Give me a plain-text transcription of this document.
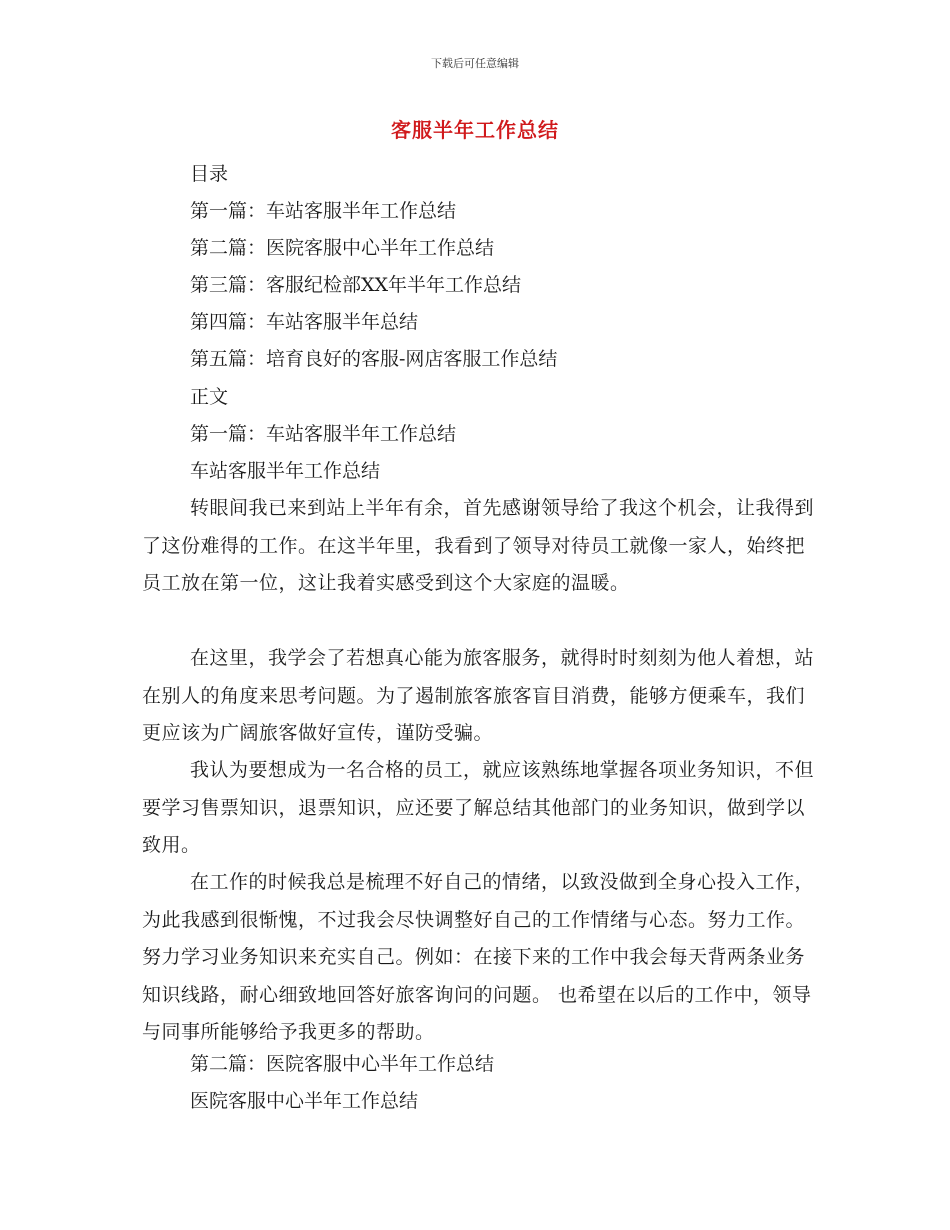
下载后可任意编辑
客服半年工作总结
目录
第一篇：车站客服半年工作总结
第二篇：医院客服中心半年工作总结
第三篇：客服纪检部XX年半年工作总结
第四篇：车站客服半年总结
第五篇：培育良好的客服-网店客服工作总结
正文
第一篇：车站客服半年工作总结
车站客服半年工作总结
转眼间我已来到站上半年有余，首先感谢领导给了我这个机会，让我得到了这份难得的工作。在这半年里，我看到了领导对待员工就像一家人，始终把员工放在第一位，这让我着实感受到这个大家庭的温暖。
在这里，我学会了若想真心能为旅客服务，就得时时刻刻为他人着想，站在别人的角度来思考问题。为了遏制旅客旅客盲目消费，能够方便乘车，我们更应该为广阔旅客做好宣传，谨防受骗。
我认为要想成为一名合格的员工，就应该熟练地掌握各项业务知识，不但要学习售票知识，退票知识，应还要了解总结其他部门的业务知识，做到学以致用。
在工作的时候我总是梳理不好自己的情绪，以致没做到全身心投入工作，为此我感到很惭愧，不过我会尽快调整好自己的工作情绪与心态。努力工作。努力学习业务知识来充实自己。例如：在接下来的工作中我会每天背两条业务知识线路，耐心细致地回答好旅客询问的问题。 也希望在以后的工作中，领导与同事所能够给予我更多的帮助。
第二篇：医院客服中心半年工作总结
医院客服中心半年工作总结
